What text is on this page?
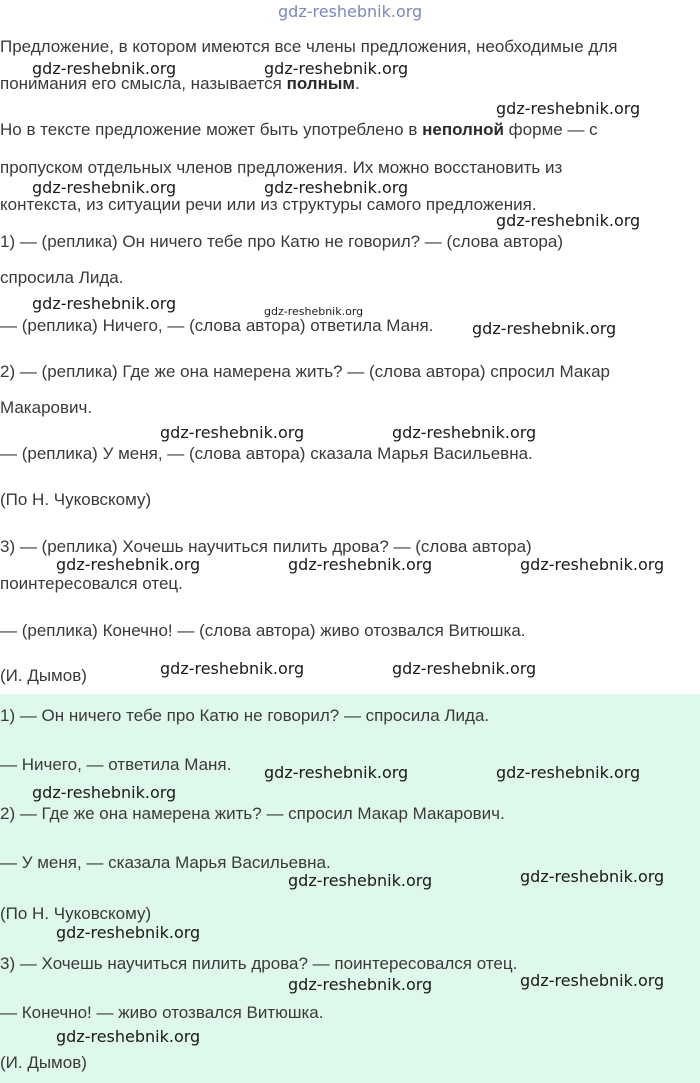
Предложение, в котором имеются все члены предложения, необходимые для
понимания его смысла, называется полным.
Но в тексте предложение может быть употреблено в неполной форме — с
пропуском отдельных членов предложения. Их можно восстановить из
контекста, из ситуации речи или из структуры самого предложения.
1) — (реплика) Он ничего тебе про Катю не говорил? — (слова автора)
спросила Лида.
— (реплика) Ничего, — (слова автора) ответила Маня.
2) — (реплика) Где же она намерена жить? — (слова автора) спросил Макар
Макарович.
— (реплика) У меня, — (слова автора) сказала Марья Васильевна.
(По Н. Чуковскому)
3) — (реплика) Хочешь научиться пилить дрова? — (слова автора)
поинтересовался отец.
— (реплика) Конечно! — (слова автора) живо отозвался Витюшка.
(И. Дымов)
1) — Он ничего тебе про Катю не говорил? — спросила Лида.
— Ничего, — ответила Маня.
2) — Где же она намерена жить? — спросил Макар Макарович.
— У меня, — сказала Марья Васильевна.
(По Н. Чуковскому)
3) — Хочешь научиться пилить дрова? — поинтересовался отец.
— Конечно! — живо отозвался Витюшка.
(И. Дымов)
gdz-reshebnik.org
gdz-reshebnik.org	gdz-reshebnik.org
gdz-reshebnik.org
gdz-reshebnik.org	gdz-reshebnik.org
gdz-reshebnik.org
gdz-reshebnik.org	gdz-reshebnik.org
gdz-reshebnik.org
gdz-reshebnik.org	gdz-reshebnik.org
gdz-reshebnik.org	gdz-reshebnik.org	gdz-reshebnik.org
gdz-reshebnik.org	gdz-reshebnik.org
gdz-reshebnik.org	gdz-reshebnik.org
gdz-reshebnik.org
gdz-reshebnik.org	gdz-reshebnik.org
gdz-reshebnik.org
gdz-reshebnik.org	gdz-reshebnik.org
gdz-reshebnik.org
